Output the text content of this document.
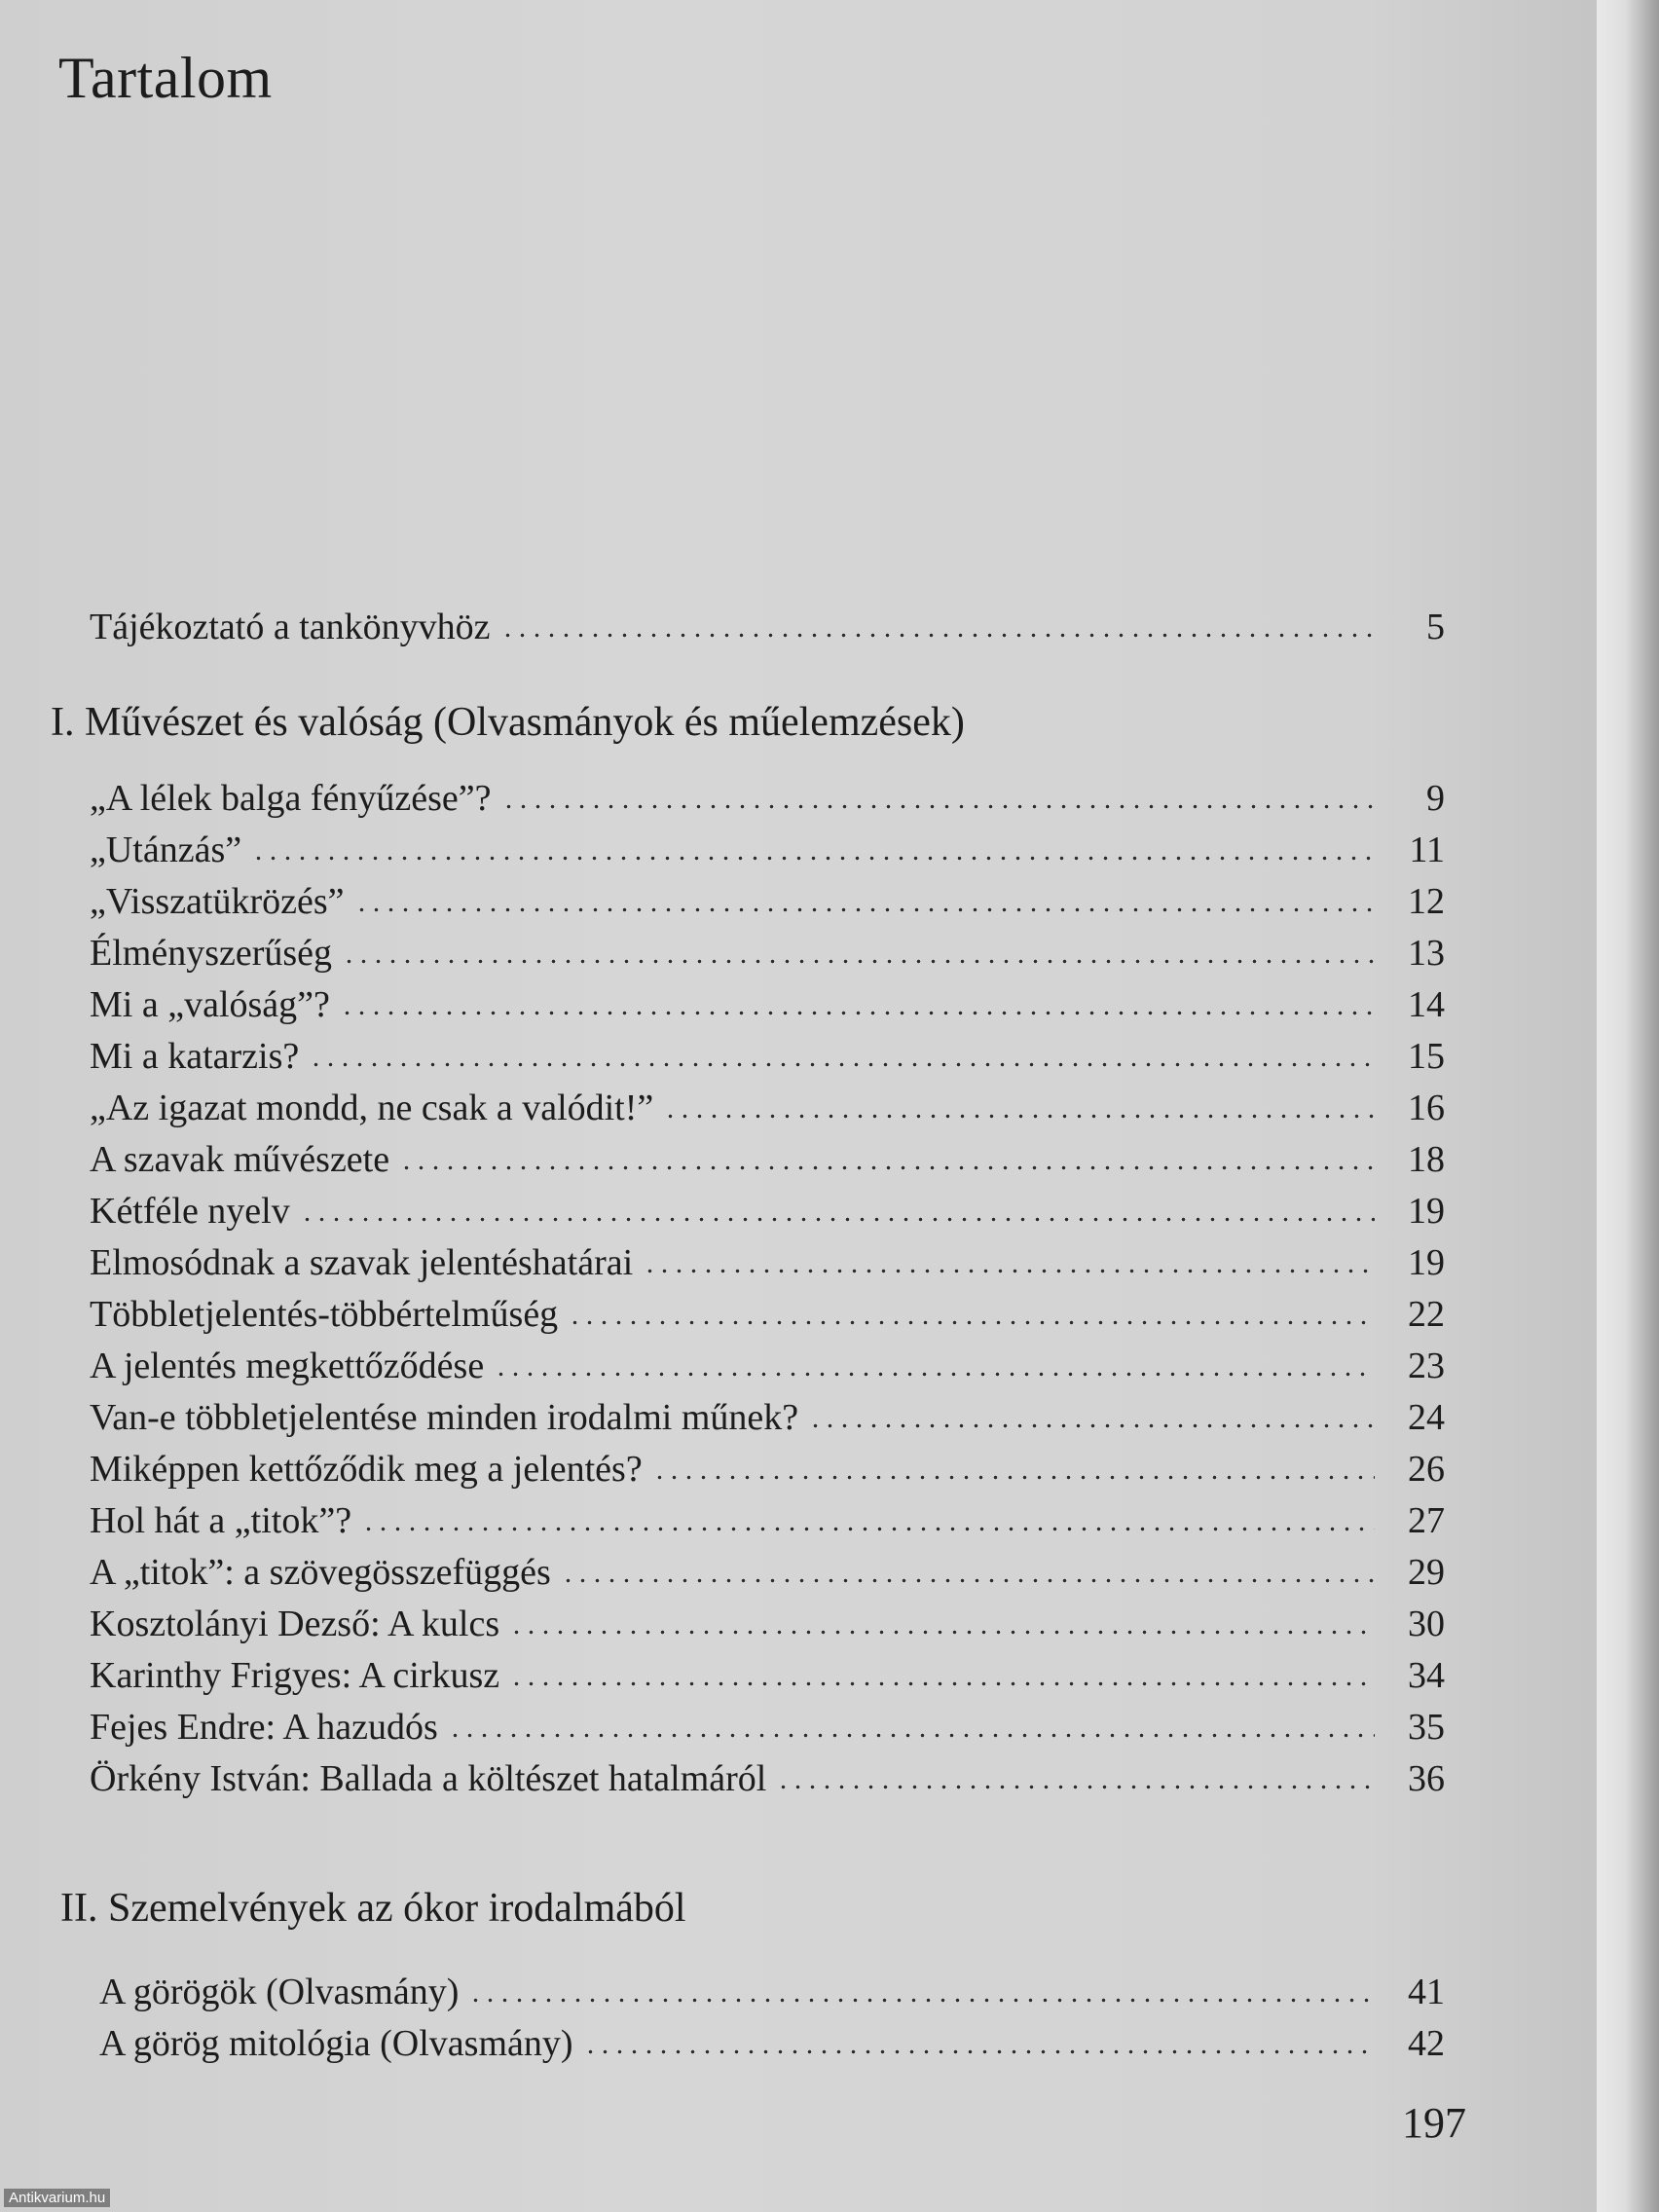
Tartalom
Tájékoztató a tankönyvhöz	5
I. Művészet és valóság (Olvasmányok és műelemzések)
„A lélek balga fényűzése”?	9
„Utánzás”	11
„Visszatükrözés”	12
Élményszerűség	13
Mi a „valóság”?	14
Mi a katarzis?	15
„Az igazat mondd, ne csak a valódit!”	16
A szavak művészete	18
Kétféle nyelv	19
Elmosódnak a szavak jelentéshatárai	19
Többletjelentés-többértelműség	22
A jelentés megkettőződése	23
Van-e többletjelentése minden irodalmi műnek?	24
Miképpen kettőződik meg a jelentés?	26
Hol hát a „titok”?	27
A „titok”: a szövegösszefüggés	29
Kosztolányi Dezső: A kulcs	30
Karinthy Frigyes: A cirkusz	34
Fejes Endre: A hazudós	35
Örkény István: Ballada a költészet hatalmáról	36
II. Szemelvények az ókor irodalmából
A görögök (Olvasmány)	41
A görög mitológia (Olvasmány)	42
197
Antikvarium.hu
